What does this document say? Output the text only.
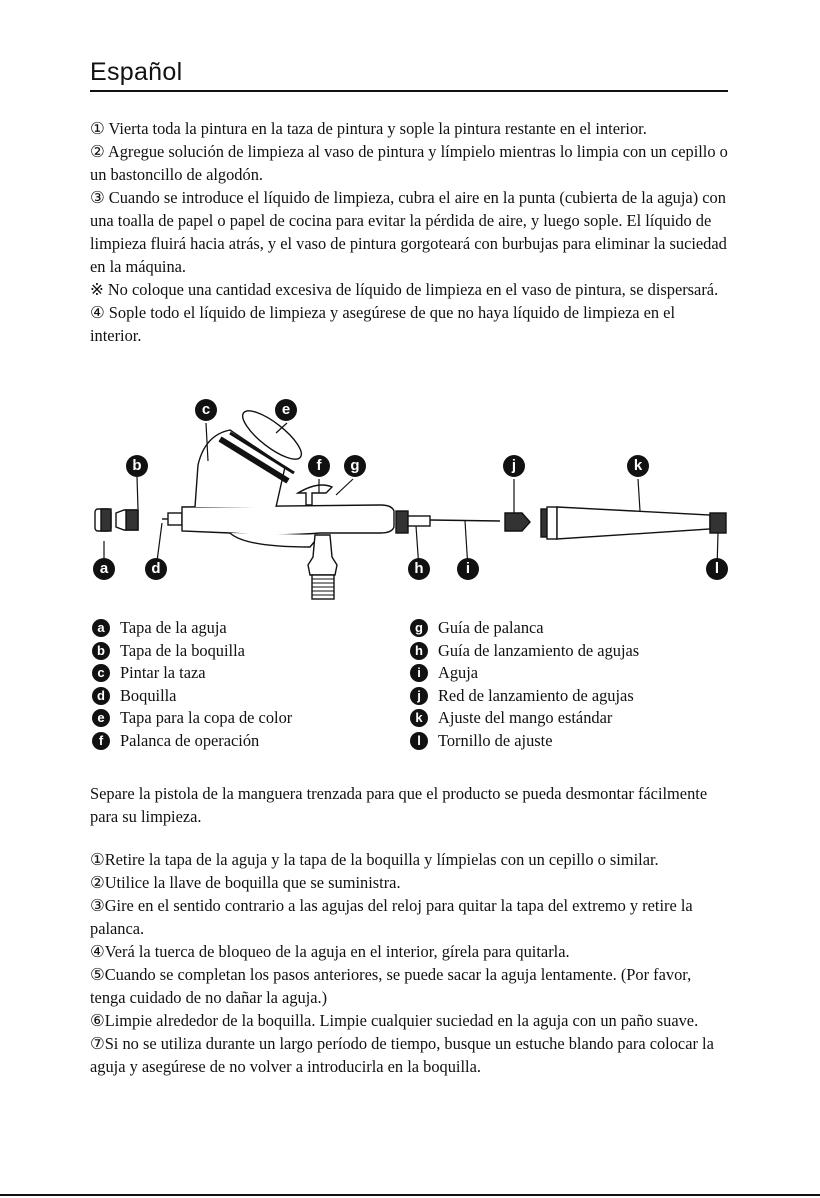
Español

① Vierta toda la pintura en la taza de pintura y sople la pintura restante en el interior.

② Agregue solución de limpieza al vaso de pintura y límpielo mientras lo limpia con un cepillo o un bastoncillo de algodón.

③ Cuando se introduce el líquido de limpieza, cubra el aire en la punta (cubierta de la aguja) con una toalla de papel o papel de cocina para evitar la pérdida de aire, y luego sople. El líquido de limpieza fluirá hacia atrás, y el vaso de pintura gorgoteará con burbujas para eliminar la suciedad en la máquina.

※ No coloque una cantidad excesiva de líquido de limpieza en el vaso de pintura, se dispersará.

④ Sople todo el líquido de limpieza y asegúrese de que no haya líquido de limpieza en el interior.

c	e
b	f	g	j	k
a	d	h	i	l
a Tapa de la aguja
b Tapa de la boquilla
c Pintar la taza
d Boquilla
e Tapa para la copa de color
f	Palanca de operación
g Guía de palanca
h Guía de lanzamiento de agujas
i	Aguja
j	Red de lanzamiento de agujas
k Ajuste del mango estándar
l	Tornillo de ajuste

Separe la pistola de la manguera trenzada para que el producto se pueda desmontar fácilmente para su limpieza.

①Retire la tapa de la aguja y la tapa de la boquilla y límpielas con un cepillo o similar.

②Utilice la llave de boquilla que se suministra.

③Gire en el sentido contrario a las agujas del reloj para quitar la tapa del extremo y retire la palanca.

④Verá la tuerca de bloqueo de la aguja en el interior, gírela para quitarla.

⑤Cuando se completan los pasos anteriores, se puede sacar la aguja lentamente. (Por favor, tenga cuidado de no dañar la aguja.)

⑥Limpie alrededor de la boquilla. Limpie cualquier suciedad en la aguja con un paño suave.

⑦Si no se utiliza durante un largo período de tiempo, busque un estuche blando para colocar la aguja y asegúrese de no volver a introducirla en la boquilla.
